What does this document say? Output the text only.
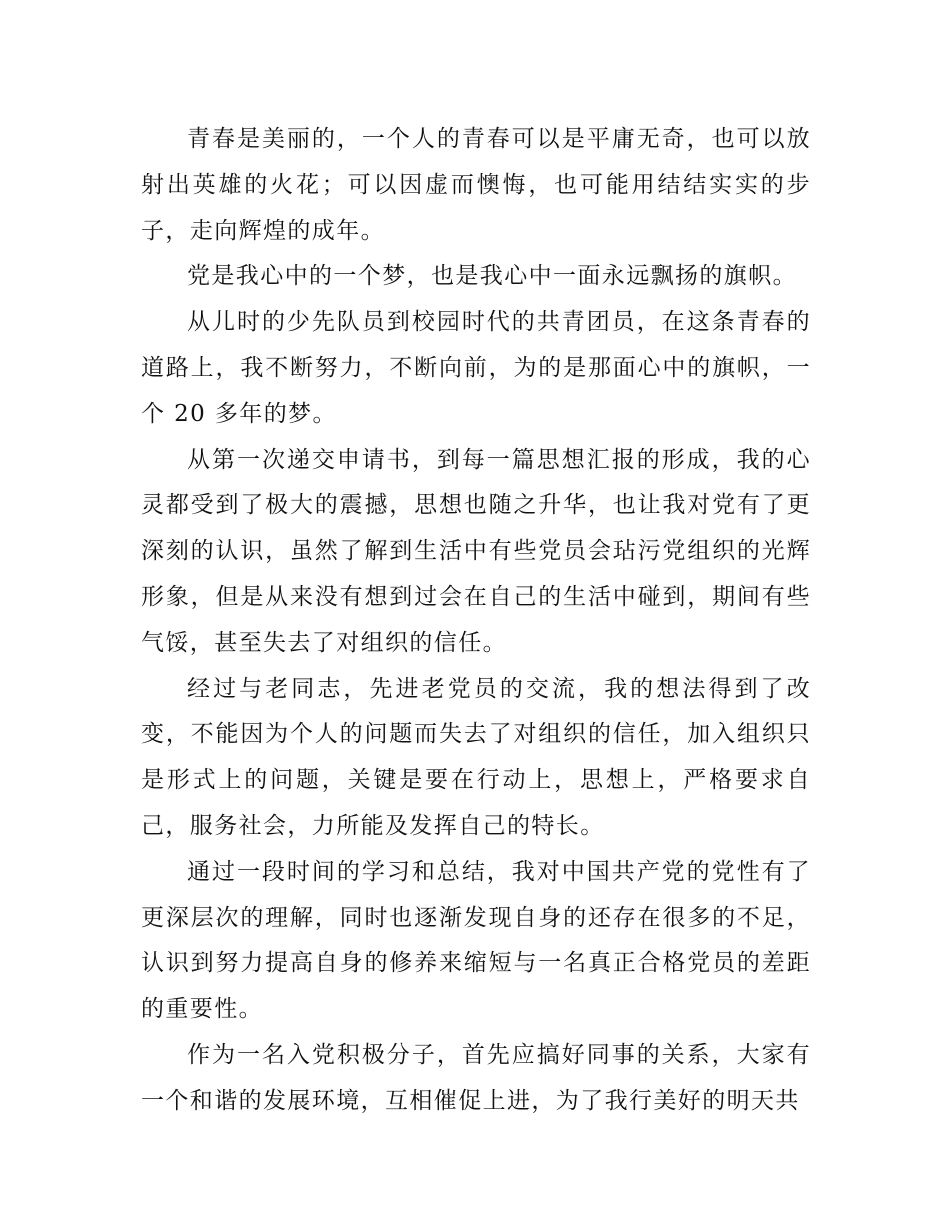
青春是美丽的，一个人的青春可以是平庸无奇，也可以放射出英雄的火花；可以因虚而懊悔，也可能用结结实实的步子，走向辉煌的成年。

党是我心中的一个梦，也是我心中一面永远飘扬的旗帜。

从儿时的少先队员到校园时代的共青团员，在这条青春的道路上，我不断努力，不断向前，为的是那面心中的旗帜，一个 20 多年的梦。

从第一次递交申请书，到每一篇思想汇报的形成，我的心灵都受到了极大的震撼，思想也随之升华，也让我对党有了更深刻的认识，虽然了解到生活中有些党员会玷污党组织的光辉形象，但是从来没有想到过会在自己的生活中碰到，期间有些气馁，甚至失去了对组织的信任。

经过与老同志，先进老党员的交流，我的想法得到了改变，不能因为个人的问题而失去了对组织的信任，加入组织只是形式上的问题，关键是要在行动上，思想上，严格要求自己，服务社会，力所能及发挥自己的特长。

通过一段时间的学习和总结，我对中国共产党的党性有了更深层次的理解，同时也逐渐发现自身的还存在很多的不足，认识到努力提高自身的修养来缩短与一名真正合格党员的差距的重要性。

作为一名入党积极分子，首先应搞好同事的关系，大家有一个和谐的发展环境，互相催促上进，为了我行美好的明天共
